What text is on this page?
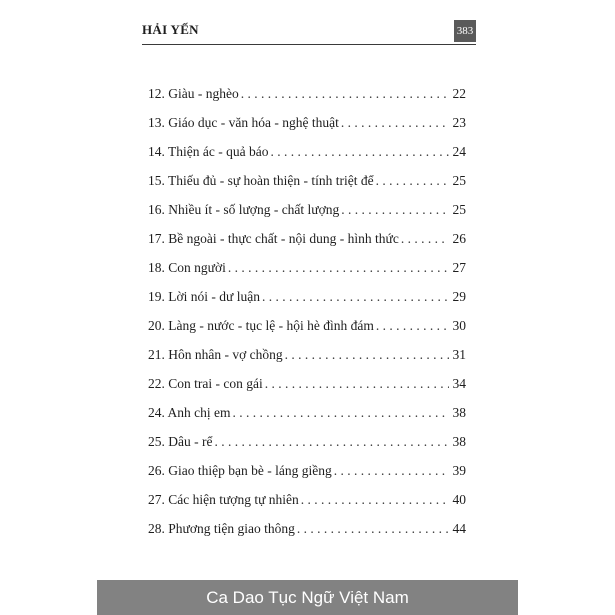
HẢI YẾN	383
12. Giàu - nghèo . . .	22
13. Giáo dục - văn hóa - nghệ thuật . . .	23
14. Thiện ác - quả báo . . .	24
15. Thiếu đủ - sự hoàn thiện - tính triệt để . . .	25
16. Nhiều ít - số lượng - chất lượng . . .	25
17. Bề ngoài - thực chất - nội dung - hình thức . . .	26
18. Con người . . .	27
19. Lời nói - dư luận . . .	29
20. Làng - nước - tục lệ - hội hè đình đám . . .	30
21. Hôn nhân - vợ chồng . . .	31
22. Con trai - con gái . . .	34
24. Anh chị em . . .	38
25. Dâu - rể . . .	38
26. Giao thiệp bạn bè - láng giềng . . .	39
27. Các hiện tượng tự nhiên . . .	40
28. Phương tiện giao thông . . .	44
Ca Dao Tục Ngữ Việt Nam
